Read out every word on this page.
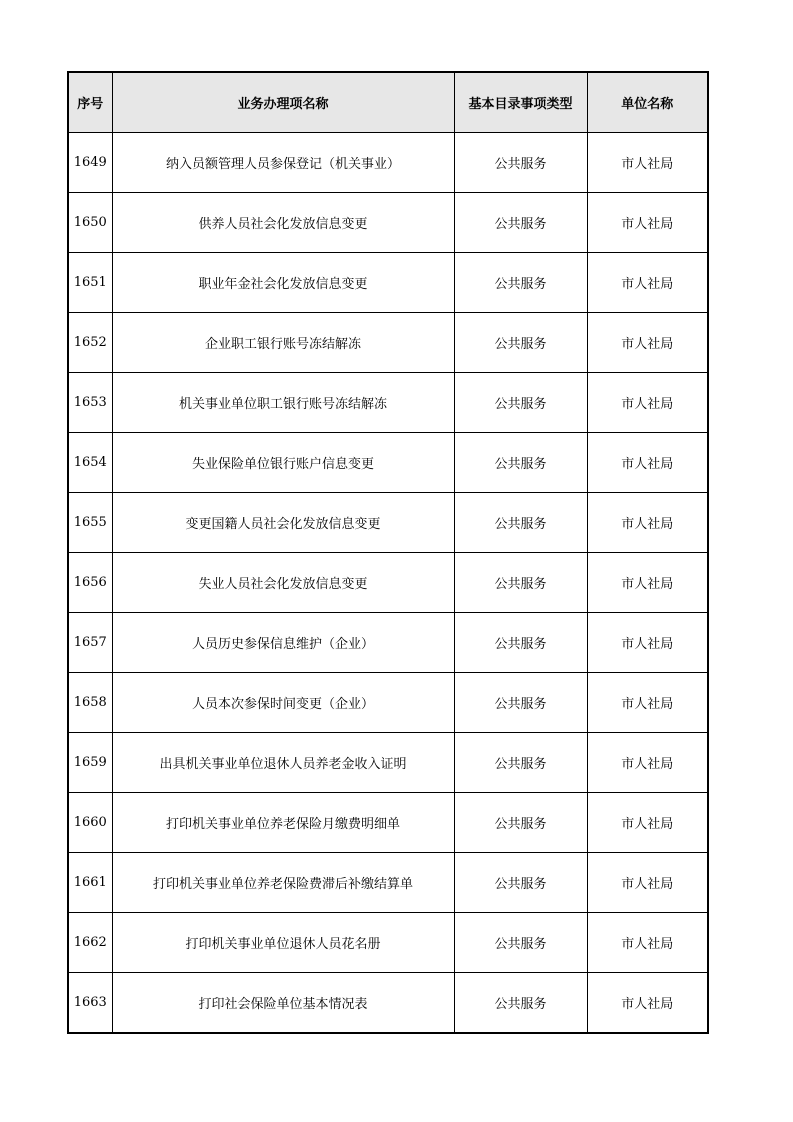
序号	业务办理项名称	基本目录事项类型	单位名称
1649	纳入员额管理人员参保登记（机关事业）	公共服务	市人社局
1650	供养人员社会化发放信息变更	公共服务	市人社局
1651	职业年金社会化发放信息变更	公共服务	市人社局
1652	企业职工银行账号冻结解冻	公共服务	市人社局
1653	机关事业单位职工银行账号冻结解冻	公共服务	市人社局
1654	失业保险单位银行账户信息变更	公共服务	市人社局
1655	变更国籍人员社会化发放信息变更	公共服务	市人社局
1656	失业人员社会化发放信息变更	公共服务	市人社局
1657	人员历史参保信息维护（企业）	公共服务	市人社局
1658	人员本次参保时间变更（企业）	公共服务	市人社局
1659	出具机关事业单位退休人员养老金收入证明	公共服务	市人社局
1660	打印机关事业单位养老保险月缴费明细单	公共服务	市人社局
1661	打印机关事业单位养老保险费滞后补缴结算单	公共服务	市人社局
1662	打印机关事业单位退休人员花名册	公共服务	市人社局
1663	打印社会保险单位基本情况表	公共服务	市人社局
